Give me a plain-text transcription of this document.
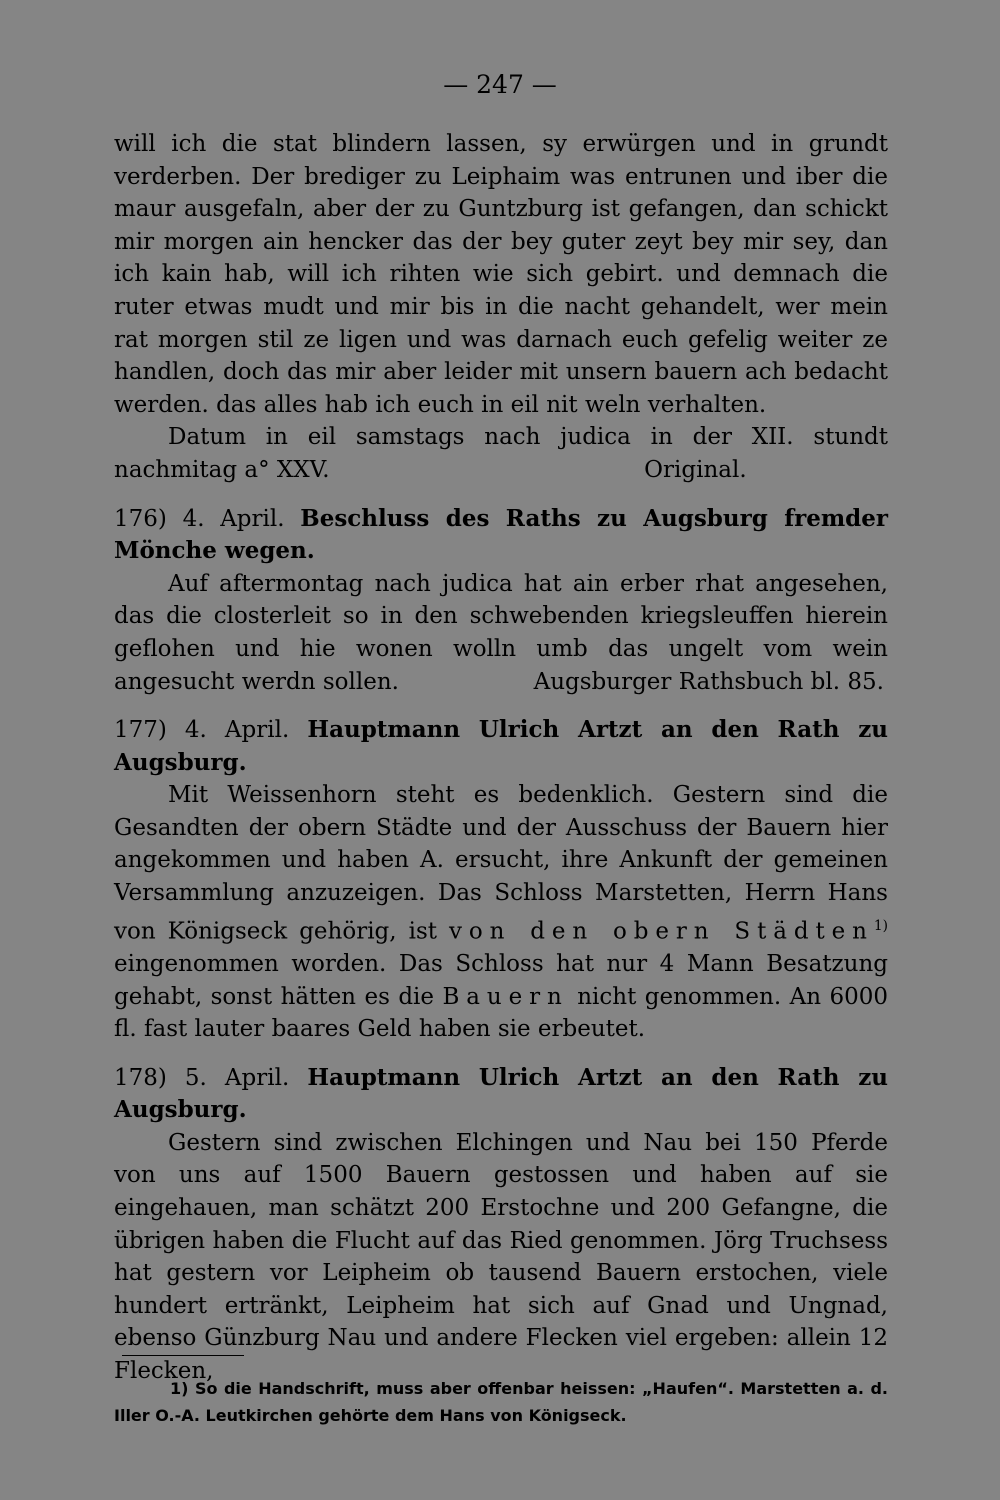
— 247 —

will ich die stat blindern lassen, sy erwürgen und in grundt verderben. Der brediger zu Leiphaim was entrunen und iber die maur ausgefaln, aber der zu Guntzburg ist gefangen, dan schickt mir morgen ain hencker das der bey guter zeyt bey mir sey, dan ich kain hab, will ich rihten wie sich gebirt. und demnach die ruter etwas mudt und mir bis in die nacht gehandelt, wer mein rat morgen stil ze ligen und was darnach euch gefelig weiter ze handlen, doch das mir aber leider mit unsern bauern ach bedacht werden. das alles hab ich euch in eil nit weln verhalten.

Datum in eil samstags nach judica in der XII. stundt nachmitag a° XXV.	Original.

176) 4. April. Beschluss des Raths zu Augsburg fremder Mönche wegen.

Auf aftermontag nach judica hat ain erber rhat angesehen, das die closterleit so in den schwebenden kriegsleuffen hierein geflohen und hie wonen wolln umb das ungelt vom wein angesucht werdn sollen.	Augsburger Rathsbuch bl. 85.

177) 4. April. Hauptmann Ulrich Artzt an den Rath zu Augsburg.

Mit Weissenhorn steht es bedenklich. Gestern sind die Gesandten der obern Städte und der Ausschuss der Bauern hier angekommen und haben A. ersucht, ihre Ankunft der gemeinen Versammlung anzuzeigen. Das Schloss Marstetten, Herrn Hans von Königseck gehörig, ist von den obern Städten$^{1)}$ eingenommen worden. Das Schloss hat nur 4 Mann Besatzung gehabt, sonst hätten es die Bauern nicht genommen. An 6000 fl. fast lauter baares Geld haben sie erbeutet.

178) 5. April. Hauptmann Ulrich Artzt an den Rath zu Augsburg.

Gestern sind zwischen Elchingen und Nau bei 150 Pferde von uns auf 1500 Bauern gestossen und haben auf sie eingehauen, man schätzt 200 Erstochne und 200 Gefangne, die übrigen haben die Flucht auf das Ried genommen. Jörg Truchsess hat gestern vor Leipheim ob tausend Bauern erstochen, viele hundert ertränkt, Leipheim hat sich auf Gnad und Ungnad, ebenso Günzburg Nau und andere Flecken viel ergeben: allein 12 Flecken,

1) So die Handschrift, muss aber offenbar heissen: „Haufen“. Marstetten a. d. Iller O.-A. Leutkirchen gehörte dem Hans von Königseck.
